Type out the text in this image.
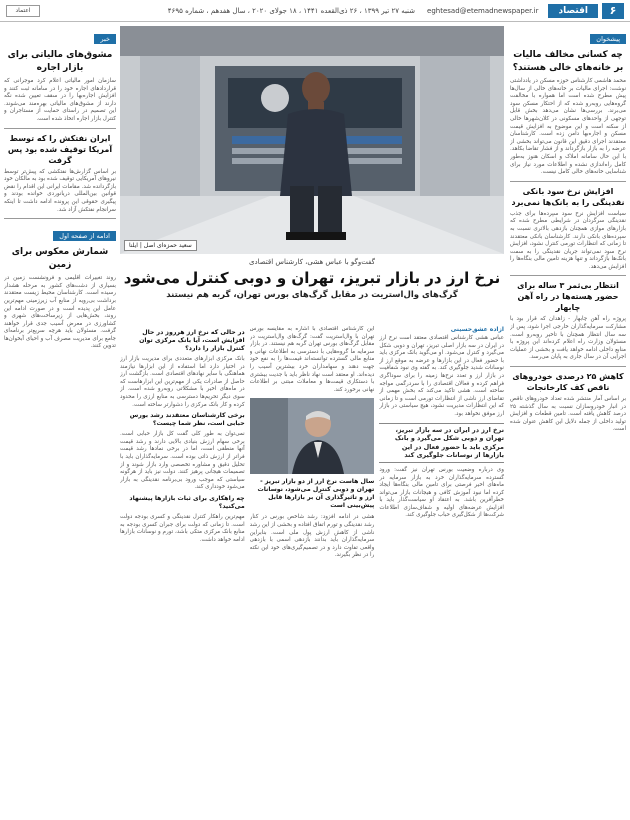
۶
اقتصاد
eghtesad@etemadnewspaper.ir
شنبه ۲۷ تیر ۱۳۹۹ ، ۲۶ ذی‌القعده ۱۴۴۱ ، ۱۸ جولای ۲۰۲۰ ، سال هفدهم ، شماره ۴۶۹۵
اعتماد
پیشخوان
چه کسانی مخالف مالیات بر خانه‌های خالی هستند؟
محمد هاشمی کارشناس حوزه مسکن در یادداشتی نوشت: اجرای مالیات بر خانه‌های خالی از سال‌ها پیش مطرح شده است اما همواره با مخالفت گروه‌هایی روبه‌رو شده که از احتکار مسکن سود می‌برند. بررسی‌ها نشان می‌دهد بخش قابل توجهی از واحدهای مسکونی در کلان‌شهرها خالی از سکنه است و این موضوع به افزایش قیمت مسکن و اجاره‌بها دامن زده است. کارشناسان معتقدند اجرای دقیق این قانون می‌تواند بخشی از عرضه را به بازار بازگرداند و از فشار تقاضا بکاهد. با این حال سامانه املاک و اسکان هنوز به‌طور کامل راه‌اندازی نشده و اطلاعات مورد نیاز برای شناسایی خانه‌های خالی کامل نیست.
افزایش نرخ سود بانکی نقدینگی را به بانک‌ها نمی‌برد
سیاست افزایش نرخ سود سپرده‌ها برای جذب نقدینگی سرگردان در شرایطی مطرح شده که بازارهای موازی همچنان بازدهی بالاتری نسبت به سپرده‌های بانکی دارند. کارشناسان بانکی معتقدند تا زمانی که انتظارات تورمی کنترل نشود، افزایش نرخ سود نمی‌تواند جریان نقدینگی را به سمت بانک‌ها بازگرداند و تنها هزینه تامین مالی بنگاه‌ها را افزایش می‌دهد.
انتظار بی‌ثمر ۳ ساله برای حضور هسته‌ها در راه آهن چابهار
پروژه راه آهن چابهار - زاهدان که قرار بود با مشارکت سرمایه‌گذاران خارجی اجرا شود، پس از سه سال انتظار همچنان با تاخیر روبه‌رو است. مسئولان وزارت راه اعلام کرده‌اند این پروژه با منابع داخلی ادامه خواهد یافت و بخشی از عملیات اجرایی آن در سال جاری به پایان می‌رسد.
کاهش ۲۵ درصدی خودروهای ناقص کف کارخانجات
بر اساس آمار منتشر شده تعداد خودروهای ناقص در انبار خودروسازان نسبت به سال گذشته ۲۵ درصد کاهش یافته است. تامین قطعات و افزایش تولید داخلی از جمله دلایل این کاهش عنوان شده است.
خبر
مشوق‌های مالیاتی برای بازار اجاره
سازمان امور مالیاتی اعلام کرد موجرانی که قراردادهای اجاره خود را در سامانه ثبت کنند و افزایش اجاره‌بها را در سقف تعیین شده نگه دارند از مشوق‌های مالیاتی بهره‌مند می‌شوند. این تصمیم در راستای حمایت از مستاجران و کنترل بازار اجاره اتخاذ شده است.
ایران نفتکش را که توسط آمریکا توقیف شده بود پس گرفت
بر اساس گزارش‌ها نفتکشی که پیش‌تر توسط نیروهای آمریکایی توقیف شده بود به مالکان خود بازگردانده شد. مقامات ایرانی این اقدام را نقض قوانین بین‌المللی دریانوردی خوانده بودند و پیگیری حقوقی این پرونده ادامه داشت تا اینکه سرانجام نفتکش آزاد شد.
ادامه از صفحه اول
شمارش معکوس برای زمین
روند تغییرات اقلیمی و فرونشست زمین در بسیاری از دشت‌های کشور به مرحله هشدار رسیده است. کارشناسان محیط زیست معتقدند برداشت بی‌رویه از منابع آب زیرزمینی مهم‌ترین عامل این پدیده است و در صورت ادامه این روند، بخش‌هایی از زیرساخت‌های شهری و کشاورزی در معرض آسیب جدی قرار خواهند گرفت. مسئولان باید هرچه سریع‌تر برنامه‌ای جامع برای مدیریت مصرف آب و احیای آبخوان‌ها تدوین کنند.
سعید حمزه‌ای اصل | ایلنا
گفت‌وگو با عباس هشی، کارشناس اقتصادی
نرخ ارز در بازار تبریز، تهران و دوبی کنترل می‌شود
گرگ‌های وال‌استریت در مقابل گرگ‌های بورس تهران، گربه هم نیستند
آزاده عشق‌حسینی
عباس هشی کارشناس اقتصادی معتقد است نرخ ارز در ایران در سه بازار اصلی تبریز، تهران و دوبی شکل می‌گیرد و کنترل می‌شود. او می‌گوید بانک مرکزی باید با حضور فعال در این بازارها و عرضه به موقع ارز از نوسانات شدید جلوگیری کند. به گفته وی نبود شفافیت در بازار ارز و تعدد نرخ‌ها زمینه را برای سوداگری فراهم کرده و فعالان اقتصادی را با سردرگمی مواجه ساخته است. هشی تاکید می‌کند که بخش مهمی از تقاضای ارز ناشی از انتظارات تورمی است و تا زمانی که این انتظارات مدیریت نشود، هیچ سیاستی در بازار ارز موفق نخواهد بود.
نرخ ارز در ایران در سه بازار تبریز، تهران و دوبی شکل می‌گیرد و بانک مرکزی باید با حضور فعال در این بازارها از نوسانات جلوگیری کند
وی درباره وضعیت بورس تهران نیز گفت: ورود گسترده سرمایه‌گذاران خرد به بازار سرمایه در ماه‌های اخیر فرصتی برای تامین مالی بنگاه‌ها ایجاد کرده اما نبود آموزش کافی و هیجانات بازار می‌تواند خطرآفرین باشد. به اعتقاد او سیاست‌گذار باید با افزایش عرضه‌های اولیه و شفاف‌سازی اطلاعات شرکت‌ها از شکل‌گیری حباب جلوگیری کند.
این کارشناس اقتصادی با اشاره به مقایسه بورس تهران با وال‌استریت گفت: گرگ‌های وال‌استریت در مقابل گرگ‌های بورس تهران گربه هم نیستند. در بازار سرمایه ما گروه‌هایی با دسترسی به اطلاعات نهانی و منابع مالی گسترده توانسته‌اند قیمت‌ها را به نفع خود جهت دهند و سهامداران خرد بیشترین آسیب را دیده‌اند. او معتقد است نهاد ناظر باید با جدیت بیشتری با دستکاری قیمت‌ها و معاملات مبتنی بر اطلاعات نهانی برخورد کند.
سال هاست نرخ ارز از دو بازار تبریز - تهران و دوبی کنترل می‌شود، نوسانات ارز و تاثیرگذاری آن بر بازارها قابل پیش‌بینی است
هشی در ادامه افزود: رشد شاخص بورس در کنار رشد نقدینگی و تورم اتفاق افتاده و بخشی از این رشد ناشی از کاهش ارزش پول ملی است. بنابراین سرمایه‌گذاران باید بدانند بازدهی اسمی با بازدهی واقعی تفاوت دارد و در تصمیم‌گیری‌های خود این نکته را در نظر بگیرند.
در حالی که نرخ ارز هرروز در حال افزایش است، آیا بانک مرکزی توان کنترل بازار را دارد؟
بانک مرکزی ابزارهای متعددی برای مدیریت بازار ارز در اختیار دارد اما استفاده از این ابزارها نیازمند هماهنگی با سایر نهادهای اقتصادی است. بازگشت ارز حاصل از صادرات یکی از مهم‌ترین این ابزارهاست که در ماه‌های اخیر با مشکلاتی روبه‌رو شده است. از سوی دیگر تحریم‌ها دسترسی به منابع ارزی را محدود کرده و کار بانک مرکزی را دشوارتر ساخته است.
برخی کارشناسان معتقدند رشد بورس حبابی است، نظر شما چیست؟
نمی‌توان به طور کلی گفت کل بازار حبابی است. برخی سهام ارزش بنیادی بالایی دارند و رشد قیمت آنها منطقی است، اما در برخی نمادها رشد قیمت فراتر از ارزش ذاتی بوده است. سرمایه‌گذاران باید با تحلیل دقیق و مشاوره تخصصی وارد بازار شوند و از تصمیمات هیجانی پرهیز کنند. دولت نیز باید از هرگونه سیاستی که موجب ورود بی‌برنامه نقدینگی به بازار می‌شود خودداری کند.
چه راهکاری برای ثبات بازارها پیشنهاد می‌کنید؟
مهم‌ترین راهکار کنترل نقدینگی و کسری بودجه دولت است. تا زمانی که دولت برای جبران کسری بودجه به منابع بانک مرکزی متکی باشد، تورم و نوسانات بازارها ادامه خواهد داشت.
